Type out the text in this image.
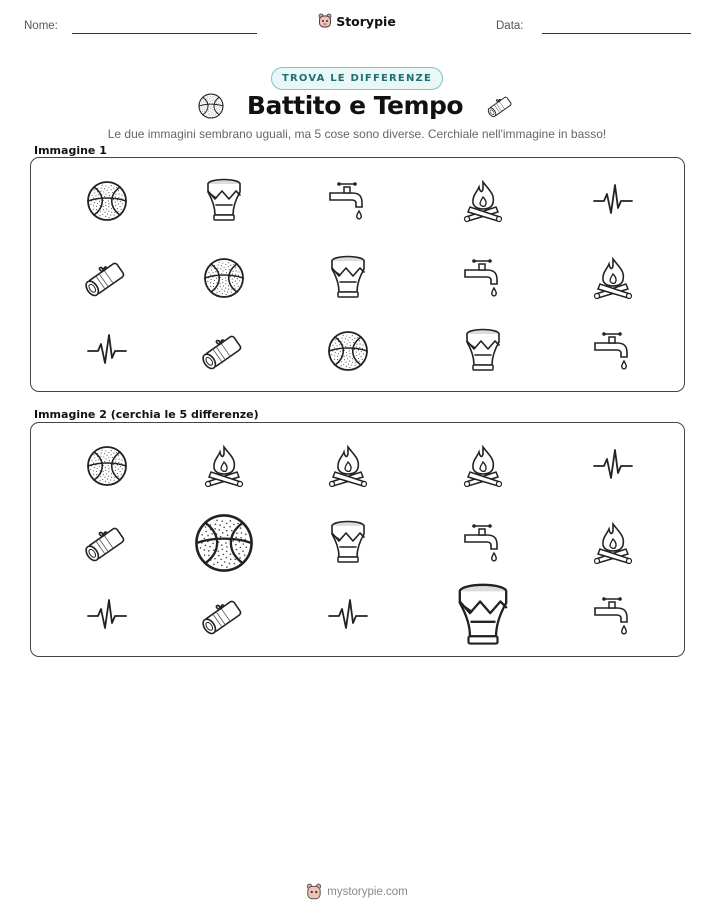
Nome:	Storypie	Data:
TROVA LE DIFFERENZE
Battito e Tempo
Le due immagini sembrano uguali, ma 5 cose sono diverse. Cerchiale nell'immagine in basso!
Immagine 1
Immagine 2 (cerchia le 5 differenze)
mystorypie.com
